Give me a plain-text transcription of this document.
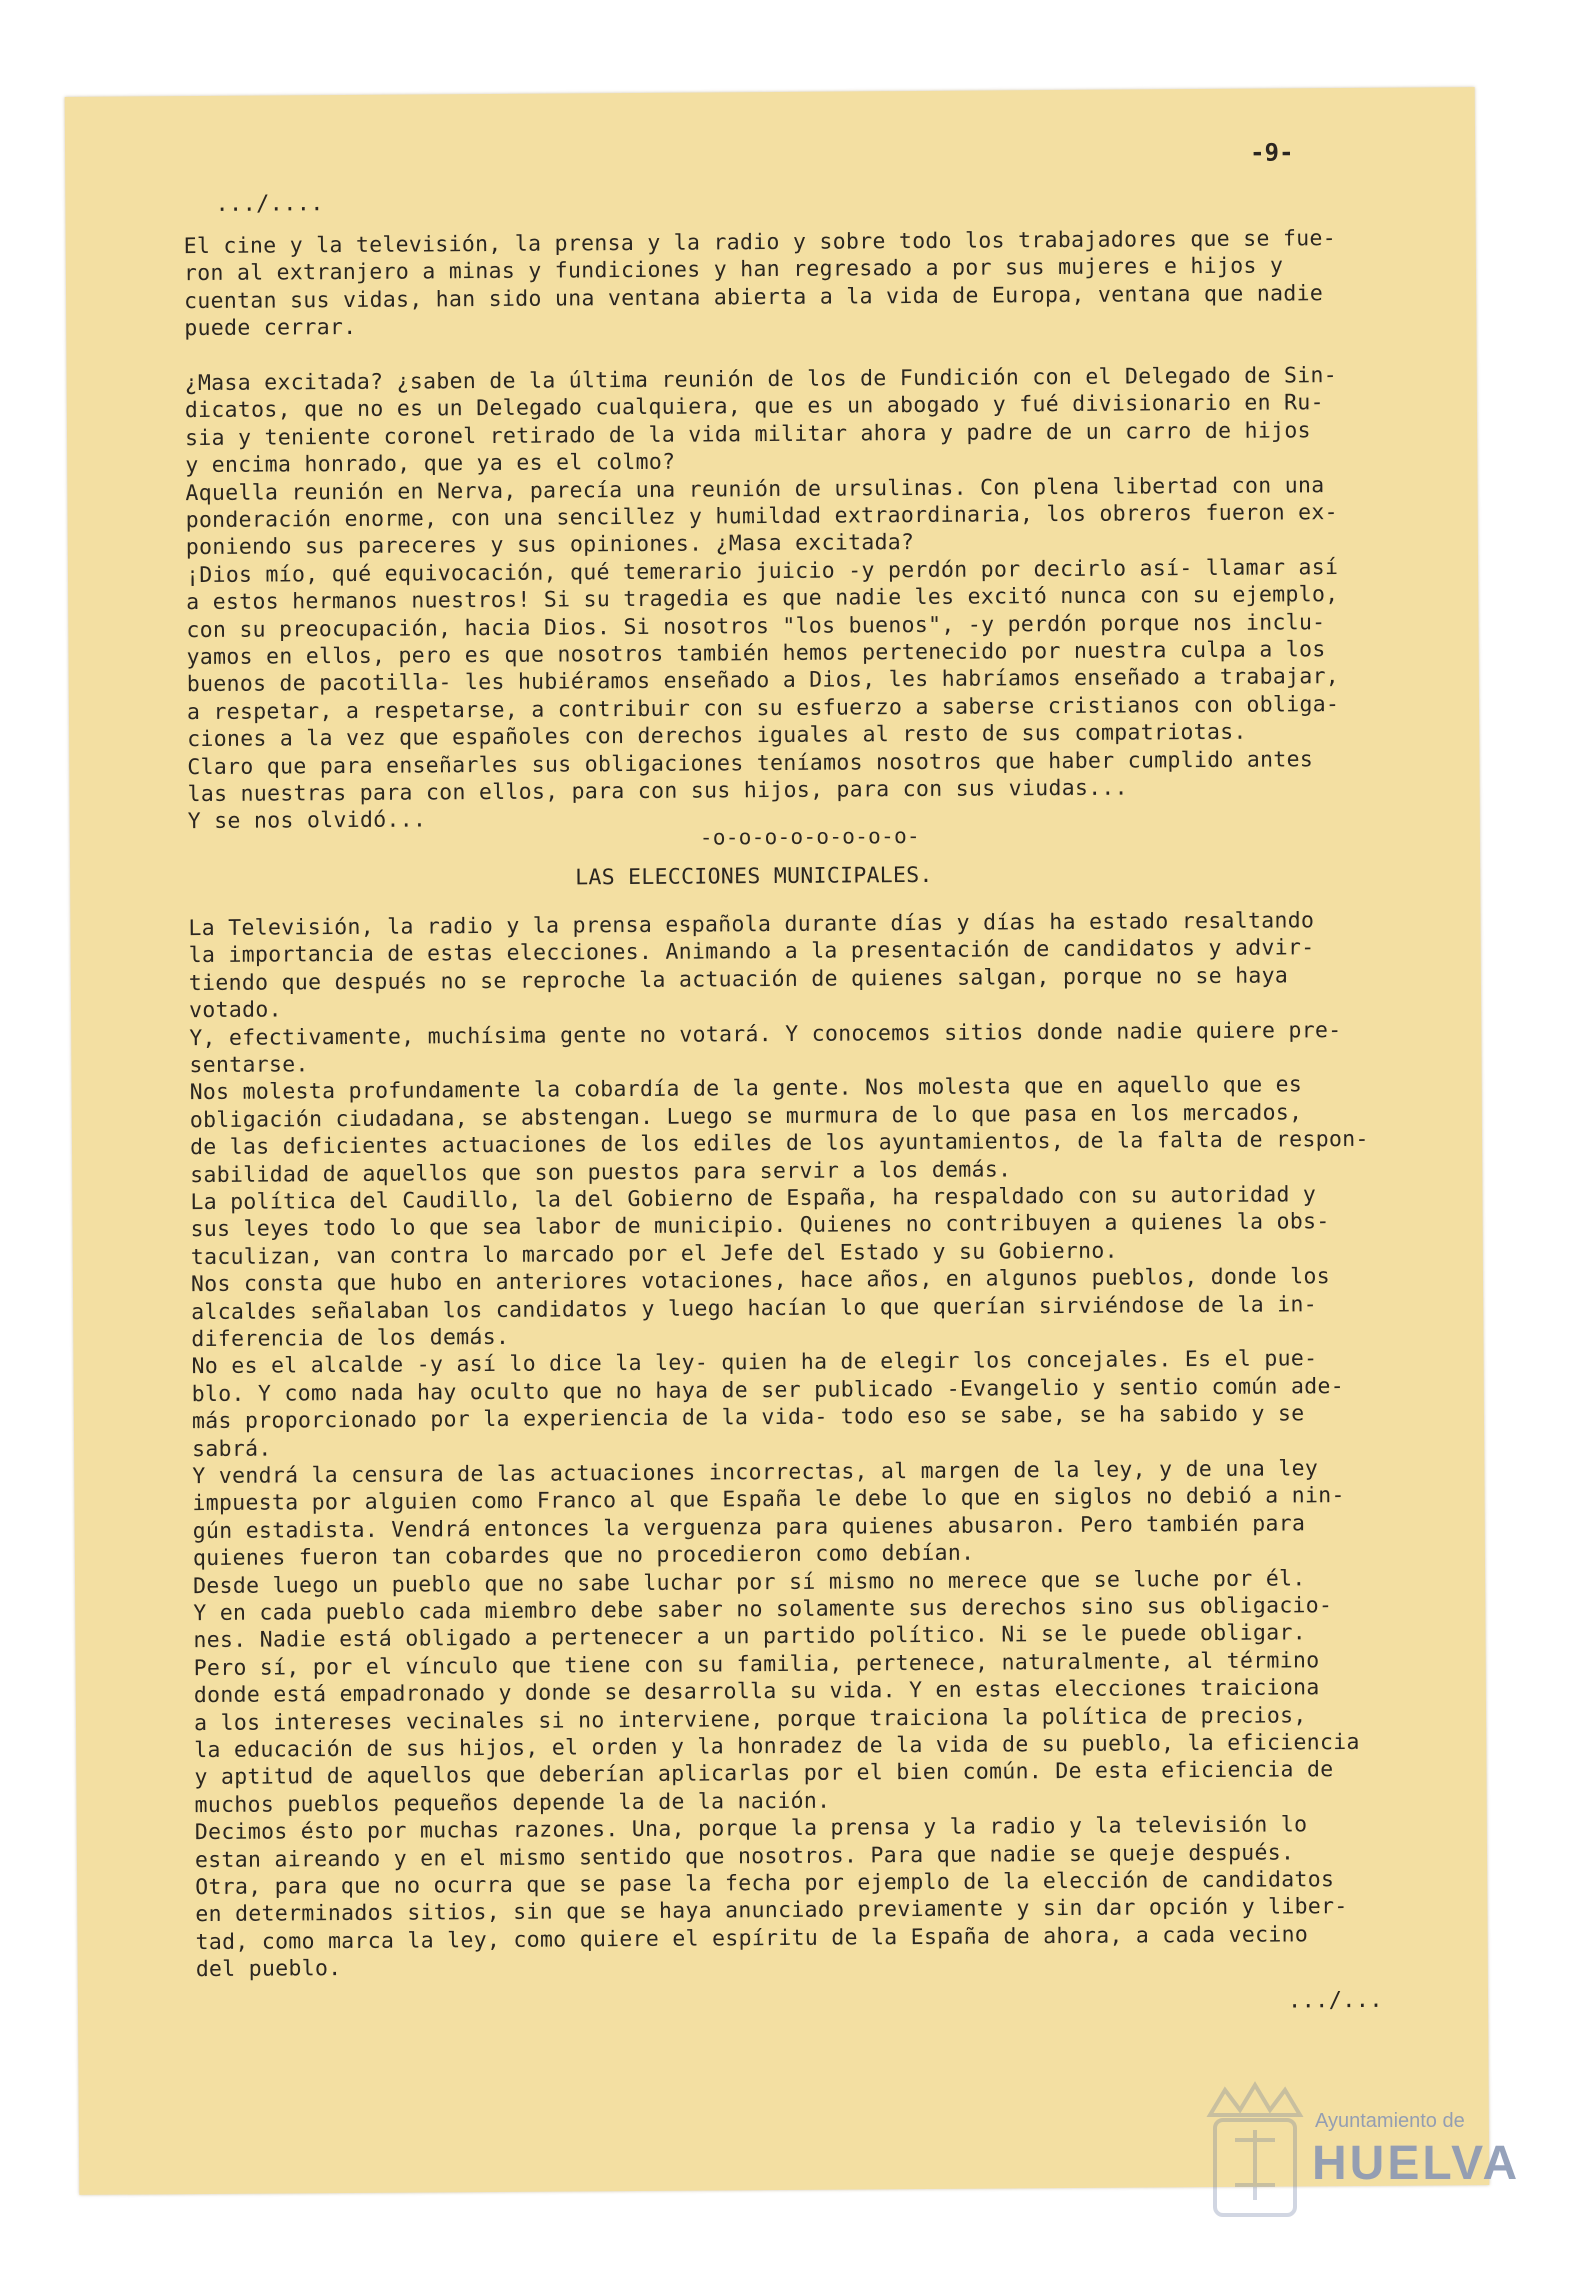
-9-
.../....
El cine y la televisión, la prensa y la radio y sobre todo los trabajadores que se fue-
ron al extranjero a minas y fundiciones y han regresado a por sus mujeres e hijos y
cuentan sus vidas, han sido una ventana abierta a la vida de Europa, ventana que nadie
puede cerrar.
¿Masa excitada? ¿saben de la última reunión de los de Fundición con el Delegado de Sin-
dicatos, que no es un Delegado cualquiera, que es un abogado y fué divisionario en Ru-
sia y teniente coronel retirado de la vida militar ahora y padre de un carro de hijos
y encima honrado, que ya es el colmo?
Aquella reunión en Nerva, parecía una reunión de ursulinas. Con plena libertad con una
ponderación enorme, con una sencillez y humildad extraordinaria, los obreros fueron ex-
poniendo sus pareceres y sus opiniones. ¿Masa excitada?
¡Dios mío, qué equivocación, qué temerario juicio -y perdón por decirlo así- llamar así
a estos hermanos nuestros! Si su tragedia es que nadie les excitó nunca con su ejemplo,
con su preocupación, hacia Dios. Si nosotros "los buenos", -y perdón porque nos inclu-
yamos en ellos, pero es que nosotros también hemos pertenecido por nuestra culpa a los
buenos de pacotilla- les hubiéramos enseñado a Dios, les habríamos enseñado a trabajar,
a respetar, a respetarse, a contribuir con su esfuerzo a saberse cristianos con obliga-
ciones a la vez que españoles con derechos iguales al resto de sus compatriotas.
Claro que para enseñarles sus obligaciones teníamos nosotros que haber cumplido antes
las nuestras para con ellos, para con sus hijos, para con sus viudas...
Y se nos olvidó...
-o-o-o-o-o-o-o-o-
LAS ELECCIONES MUNICIPALES.
La Televisión, la radio y la prensa española durante días y días ha estado resaltando
la importancia de estas elecciones. Animando a la presentación de candidatos y advir-
tiendo que después no se reproche la actuación de quienes salgan, porque no se haya
votado.
Y, efectivamente, muchísima gente no votará. Y conocemos sitios donde nadie quiere pre-
sentarse.
Nos molesta profundamente la cobardía de la gente. Nos molesta que en aquello que es
obligación ciudadana, se abstengan. Luego se murmura de lo que pasa en los mercados,
de las deficientes actuaciones de los ediles de los ayuntamientos, de la falta de respon-
sabilidad de aquellos que son puestos para servir a los demás.
La política del Caudillo, la del Gobierno de España, ha respaldado con su autoridad y
sus leyes todo lo que sea labor de municipio. Quienes no contribuyen a quienes la obs-
taculizan, van contra lo marcado por el Jefe del Estado y su Gobierno.
Nos consta que hubo en anteriores votaciones, hace años, en algunos pueblos, donde los
alcaldes señalaban los candidatos y luego hacían lo que querían sirviéndose de la in-
diferencia de los demás.
No es el alcalde -y así lo dice la ley- quien ha de elegir los concejales. Es el pue-
blo. Y como nada hay oculto que no haya de ser publicado -Evangelio y sentio común ade-
más proporcionado por la experiencia de la vida- todo eso se sabe, se ha sabido y se
sabrá.
Y vendrá la censura de las actuaciones incorrectas, al margen de la ley, y de una ley
impuesta por alguien como Franco al que España le debe lo que en siglos no debió a nin-
gún estadista. Vendrá entonces la verguenza para quienes abusaron. Pero también para
quienes fueron tan cobardes que no procedieron como debían.
Desde luego un pueblo que no sabe luchar por sí mismo no merece que se luche por él.
Y en cada pueblo cada miembro debe saber no solamente sus derechos sino sus obligacio-
nes. Nadie está obligado a pertenecer a un partido político. Ni se le puede obligar.
Pero sí, por el vínculo que tiene con su familia, pertenece, naturalmente, al término
donde está empadronado y donde se desarrolla su vida. Y en estas elecciones traiciona
a los intereses vecinales si no interviene, porque traiciona la política de precios,
la educación de sus hijos, el orden y la honradez de la vida de su pueblo, la eficiencia
y aptitud de aquellos que deberían aplicarlas por el bien común. De esta eficiencia de
muchos pueblos pequeños depende la de la nación.
Decimos ésto por muchas razones. Una, porque la prensa y la radio y la televisión lo
estan aireando y en el mismo sentido que nosotros. Para que nadie se queje después.
Otra, para que no ocurra que se pase la fecha por ejemplo de la elección de candidatos
en determinados sitios, sin que se haya anunciado previamente y sin dar opción y liber-
tad, como marca la ley, como quiere el espíritu de la España de ahora, a cada vecino
del pueblo.
.../...
Ayuntamiento de
HUELVA
